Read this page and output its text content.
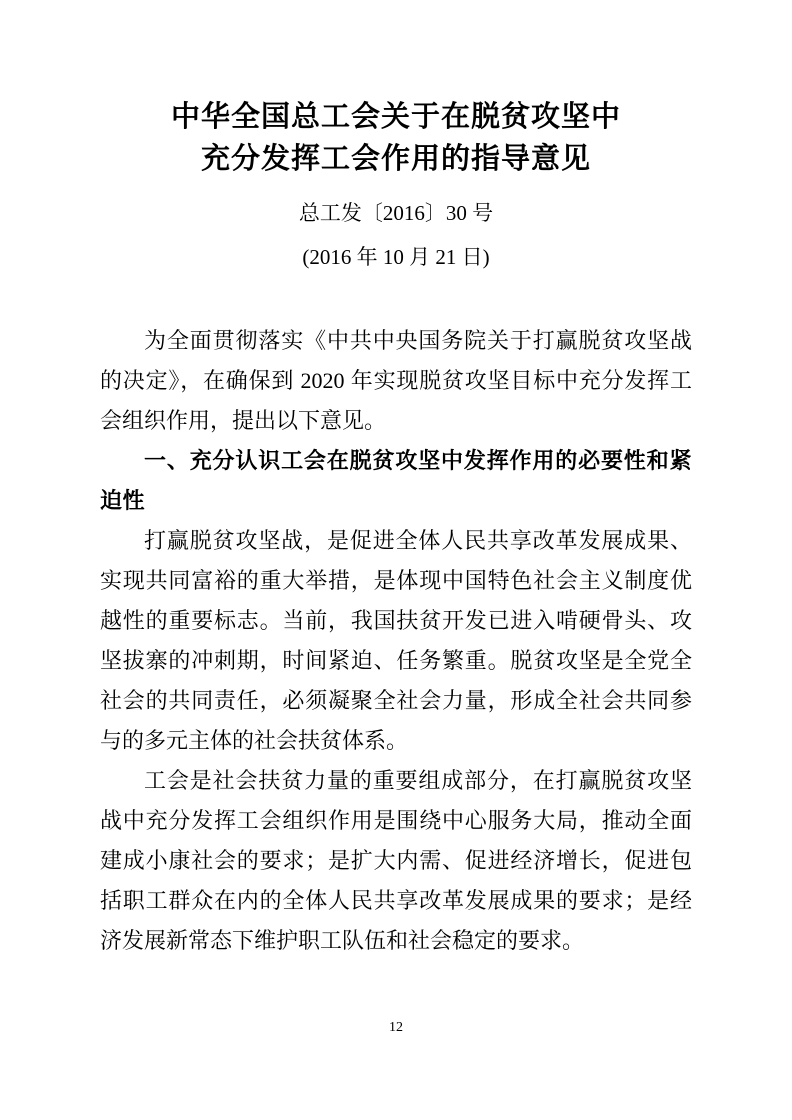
中华全国总工会关于在脱贫攻坚中
充分发挥工会作用的指导意见
总工发〔2016〕30 号
(2016 年 10 月 21 日)

为全面贯彻落实《中共中央国务院关于打赢脱贫攻坚战的决定》，在确保到 2020 年实现脱贫攻坚目标中充分发挥工会组织作用，提出以下意见。

一、充分认识工会在脱贫攻坚中发挥作用的必要性和紧迫性

打赢脱贫攻坚战，是促进全体人民共享改革发展成果、实现共同富裕的重大举措，是体现中国特色社会主义制度优越性的重要标志。当前，我国扶贫开发已进入啃硬骨头、攻坚拔寨的冲刺期，时间紧迫、任务繁重。脱贫攻坚是全党全社会的共同责任，必须凝聚全社会力量，形成全社会共同参与的多元主体的社会扶贫体系。

工会是社会扶贫力量的重要组成部分，在打赢脱贫攻坚战中充分发挥工会组织作用是围绕中心服务大局，推动全面建成小康社会的要求；是扩大内需、促进经济增长，促进包括职工群众在内的全体人民共享改革发展成果的要求；是经济发展新常态下维护职工队伍和社会稳定的要求。

12
